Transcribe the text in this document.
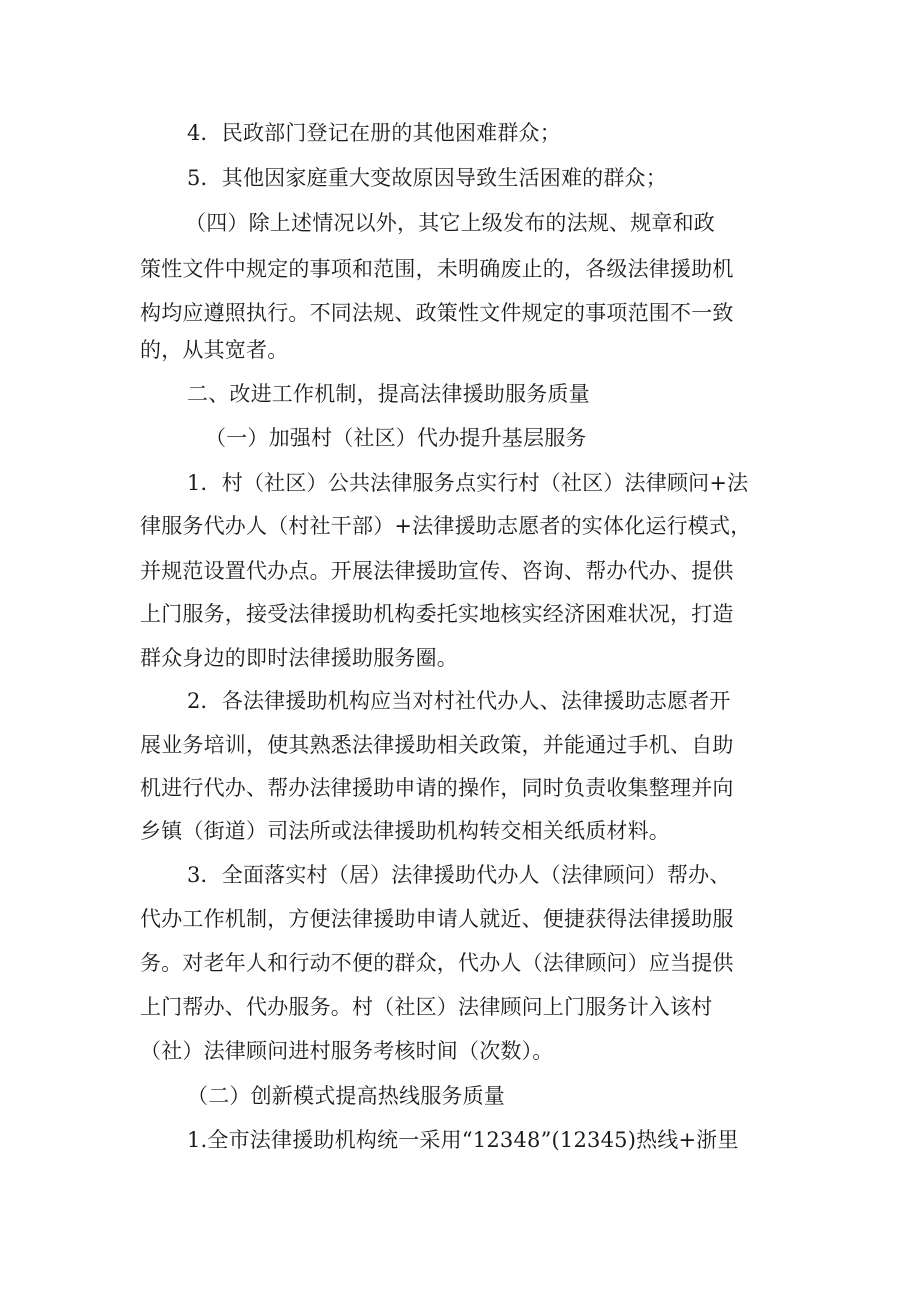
4．民政部门登记在册的其他困难群众；
5．其他因家庭重大变故原因导致生活困难的群众；
（四）除上述情况以外，其它上级发布的法规、规章和政
策性文件中规定的事项和范围，未明确废止的，各级法律援助机
构均应遵照执行。不同法规、政策性文件规定的事项范围不一致
的，从其宽者。
二、改进工作机制，提高法律援助服务质量
（一）加强村（社区）代办提升基层服务
1．村（社区）公共法律服务点实行村（社区）法律顾问+法
律服务代办人（村社干部）+法律援助志愿者的实体化运行模式，
并规范设置代办点。开展法律援助宣传、咨询、帮办代办、提供
上门服务，接受法律援助机构委托实地核实经济困难状况，打造
群众身边的即时法律援助服务圈。
2．各法律援助机构应当对村社代办人、法律援助志愿者开
展业务培训，使其熟悉法律援助相关政策，并能通过手机、自助
机进行代办、帮办法律援助申请的操作，同时负责收集整理并向
乡镇（街道）司法所或法律援助机构转交相关纸质材料。
3．全面落实村（居）法律援助代办人（法律顾问）帮办、
代办工作机制，方便法律援助申请人就近、便捷获得法律援助服
务。对老年人和行动不便的群众，代办人（法律顾问）应当提供
上门帮办、代办服务。村（社区）法律顾问上门服务计入该村
（社）法律顾问进村服务考核时间（次数）。
（二）创新模式提高热线服务质量
1.全市法律援助机构统一采用“12348”(12345)热线+浙里
